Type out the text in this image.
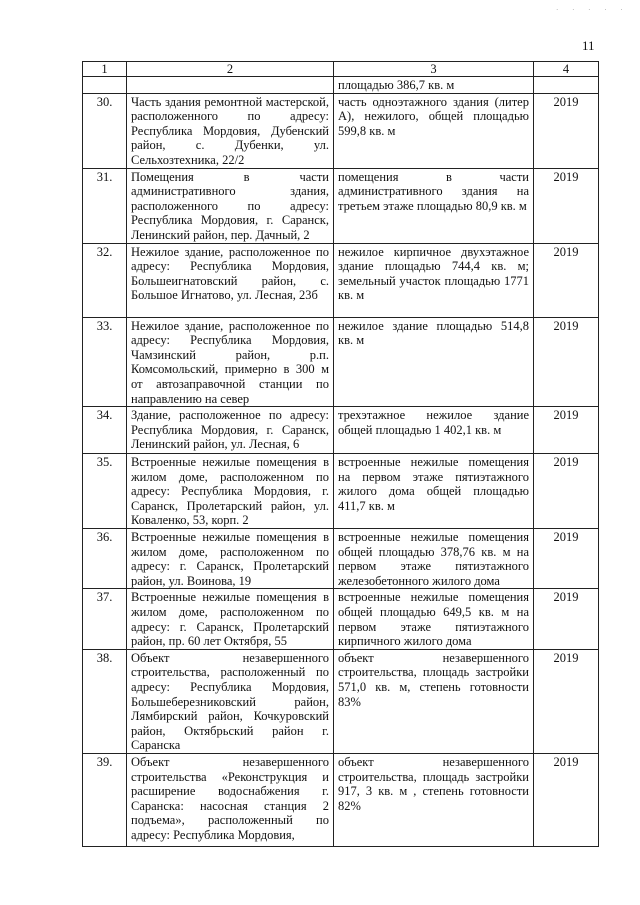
· · · · ·
11
1	2	3	4
		площадью 386,7 кв. м	
30.	Часть здания ремонтной мастерской, расположенного по адресу: Республика Мордовия, Дубенский район, с. Дубенки, ул. Сельхозтехника, 22/2	часть одноэтажного здания (литер А), нежилого, общей площадью 599,8 кв. м	2019
31.	Помещения в части административного здания, расположенного по адресу: Республика Мордовия, г. Саранск, Ленинский район, пер. Дачный, 2	помещения в части административного здания на третьем этаже площадью 80,9 кв. м	2019
32.	Нежилое здание, расположенное по адресу: Республика Мордовия, Большеигнатовский район, с. Большое Игнатово, ул. Лесная, 23б	нежилое кирпичное двухэтажное здание площадью 744,4 кв. м; земельный участок площадью 1771 кв. м	2019
33.	Нежилое здание, расположенное по адресу: Республика Мордовия, Чамзинский район, р.п. Комсомольский, примерно в 300 м от автозаправочной станции по направлению на север	нежилое здание площадью 514,8 кв. м	2019
34.	Здание, расположенное по адресу: Республика Мордовия, г. Саранск, Ленинский район, ул. Лесная, 6	трехэтажное нежилое здание общей площадью 1 402,1 кв. м	2019
35.	Встроенные нежилые помещения в жилом доме, расположенном по адресу: Республика Мордовия, г. Саранск, Пролетарский район, ул. Коваленко, 53, корп. 2	встроенные нежилые помещения на первом этаже пятиэтажного жилого дома общей площадью 411,7 кв. м	2019
36.	Встроенные нежилые помещения в жилом доме, расположенном по адресу: г. Саранск, Пролетарский район, ул. Воинова, 19	встроенные нежилые помещения общей площадью 378,76 кв. м на первом этаже пятиэтажного железобетонного жилого дома	2019
37.	Встроенные нежилые помещения в жилом доме, расположенном по адресу: г. Саранск, Пролетарский район, пр. 60 лет Октября, 55	встроенные нежилые помещения общей площадью 649,5 кв. м на первом этаже пятиэтажного кирпичного жилого дома	2019
38.	Объект незавершенного строительства, расположенный по адресу: Республика Мордовия, Большеберезниковский район, Лямбирский район, Кочкуровский район, Октябрьский район г. Саранска	объект незавершенного строительства, площадь застройки 571,0 кв. м, степень готовности 83%	2019
39.	Объект незавершенного строительства «Реконструкция и расширение водоснабжения г. Саранска: насосная станция 2 подъема», расположенный по адресу: Республика Мордовия,	объект незавершенного строительства, площадь застройки 917, 3 кв. м , степень готовности 82%	2019
